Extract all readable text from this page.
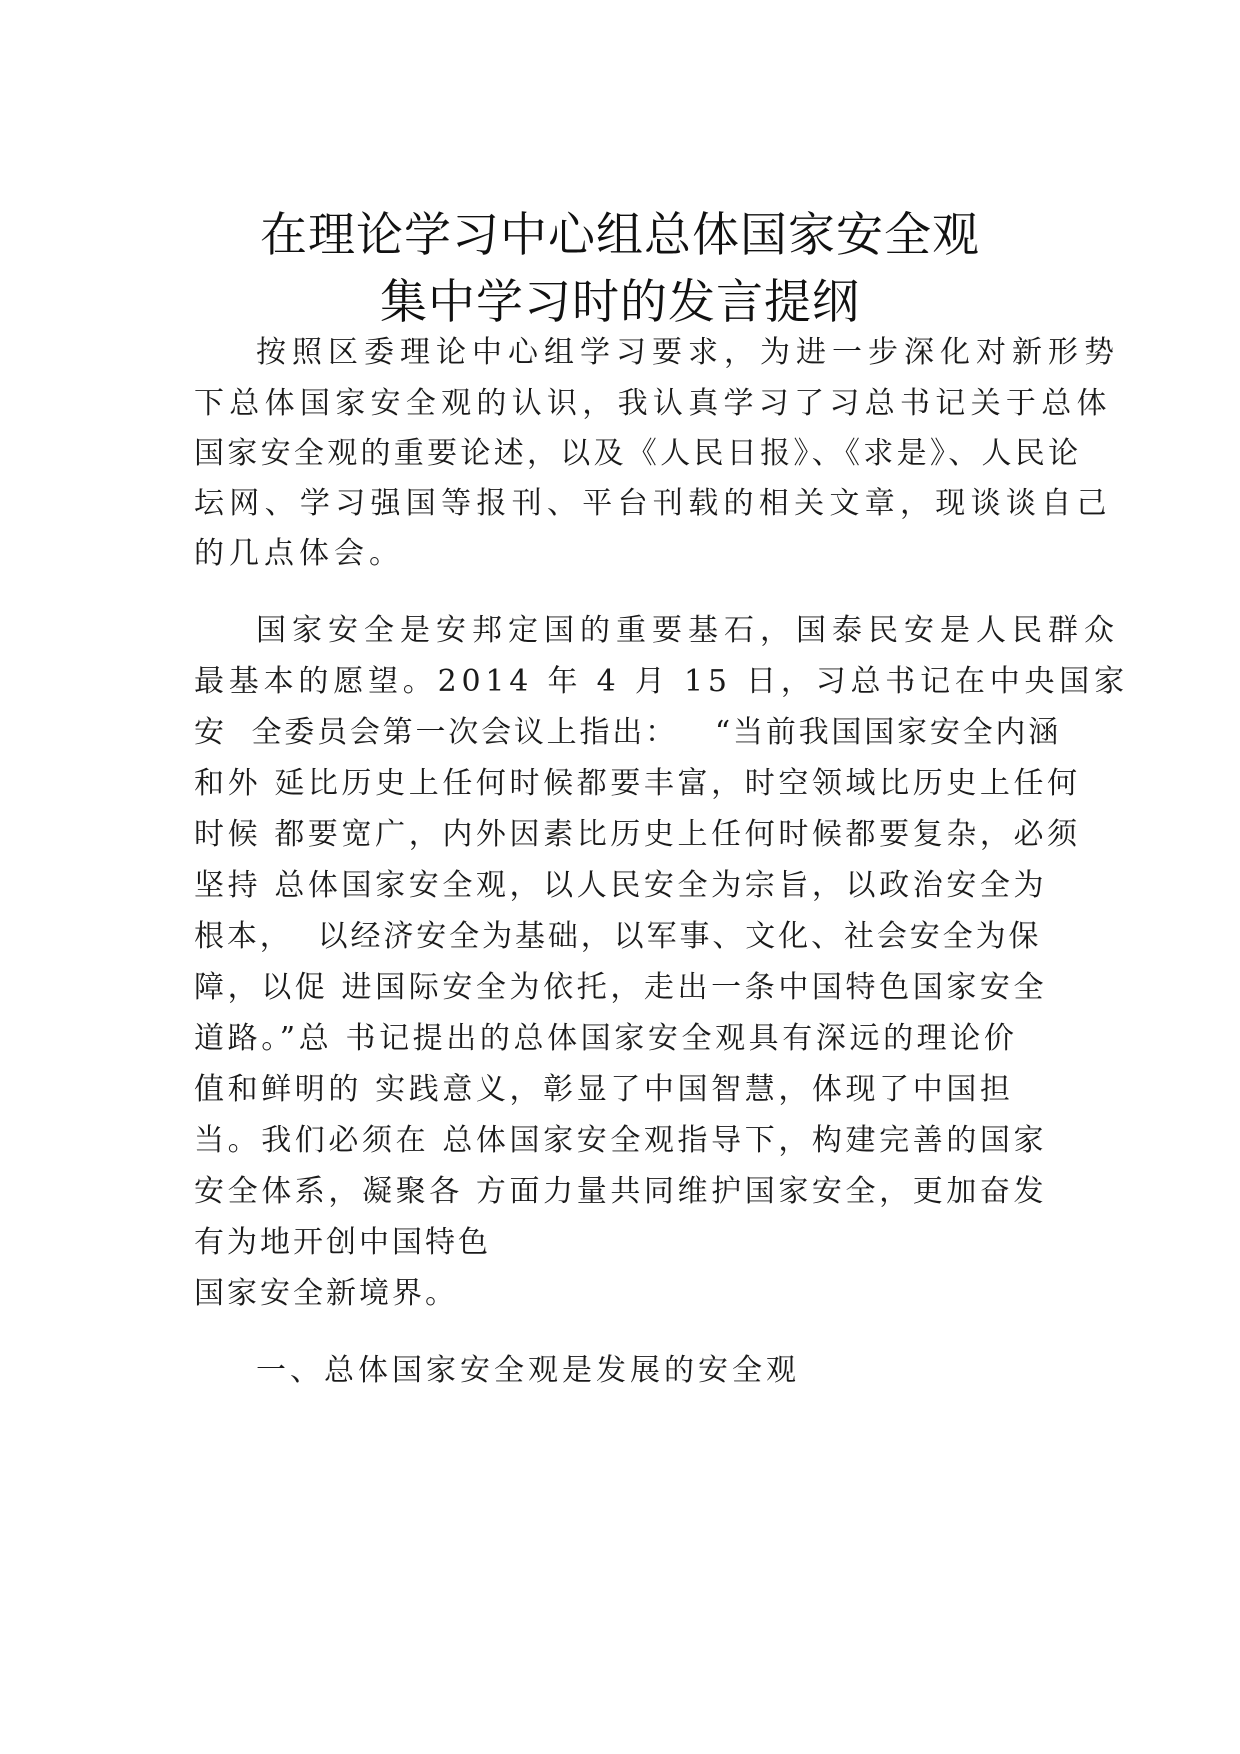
在理论学习中心组总体国家安全观
集中学习时的发言提纲
按照区委理论中心组学习要求，为进一步深化对新形势
下总体国家安全观的认识，我认真学习了习总书记关于总体
国家安全观的重要论述，以及《人民日报》、《求是》、人民论
坛网、学习强国等报刊、平台刊载的相关文章，现谈谈自己
的几点体会。
国家安全是安邦定国的重要基石，国泰民安是人民群众
最基本的愿望。2014 年 4 月 15 日，习总书记在中央国家
安  全委员会第一次会议上指出：   “当前我国国家安全内涵
和外 延比历史上任何时候都要丰富，时空领域比历史上任何
时候 都要宽广，内外因素比历史上任何时候都要复杂，必须
坚持 总体国家安全观，以人民安全为宗旨，以政治安全为
根本，  以经济安全为基础，以军事、文化、社会安全为保
障，以促 进国际安全为依托，走出一条中国特色国家安全
道路。”总 书记提出的总体国家安全观具有深远的理论价
值和鲜明的 实践意义，彰显了中国智慧，体现了中国担
当。我们必须在 总体国家安全观指导下，构建完善的国家
安全体系，凝聚各 方面力量共同维护国家安全，更加奋发
有为地开创中国特色
国家安全新境界。
一、总体国家安全观是发展的安全观
